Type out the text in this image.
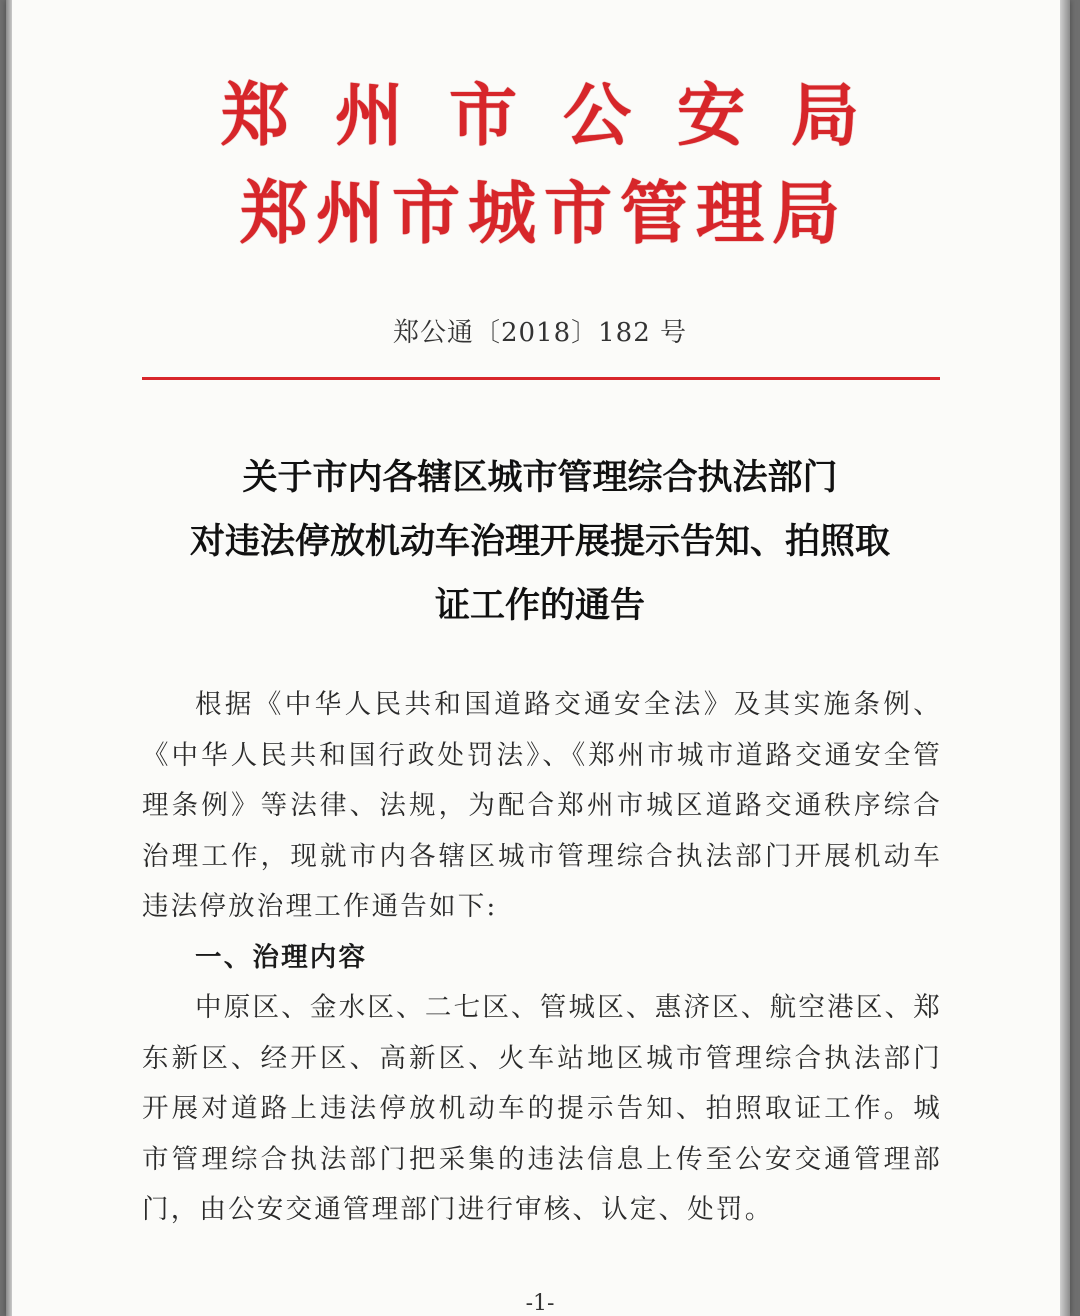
郑州市公安局
郑州市城市管理局
郑公通〔2018〕182 号
关于市内各辖区城市管理综合执法部门
对违法停放机动车治理开展提示告知、拍照取
证工作的通告

根据《中华人民共和国道路交通安全法》及其实施条例、《中华人民共和国行政处罚法》、《郑州市城市道路交通安全管理条例》等法律、法规，为配合郑州市城区道路交通秩序综合治理工作，现就市内各辖区城市管理综合执法部门开展机动车违法停放治理工作通告如下:

一、治理内容

中原区、金水区、二七区、管城区、惠济区、航空港区、郑东新区、经开区、高新区、火车站地区城市管理综合执法部门开展对道路上违法停放机动车的提示告知、拍照取证工作。城市管理综合执法部门把采集的违法信息上传至公安交通管理部门，由公安交通管理部门进行审核、认定、处罚。

-1-
